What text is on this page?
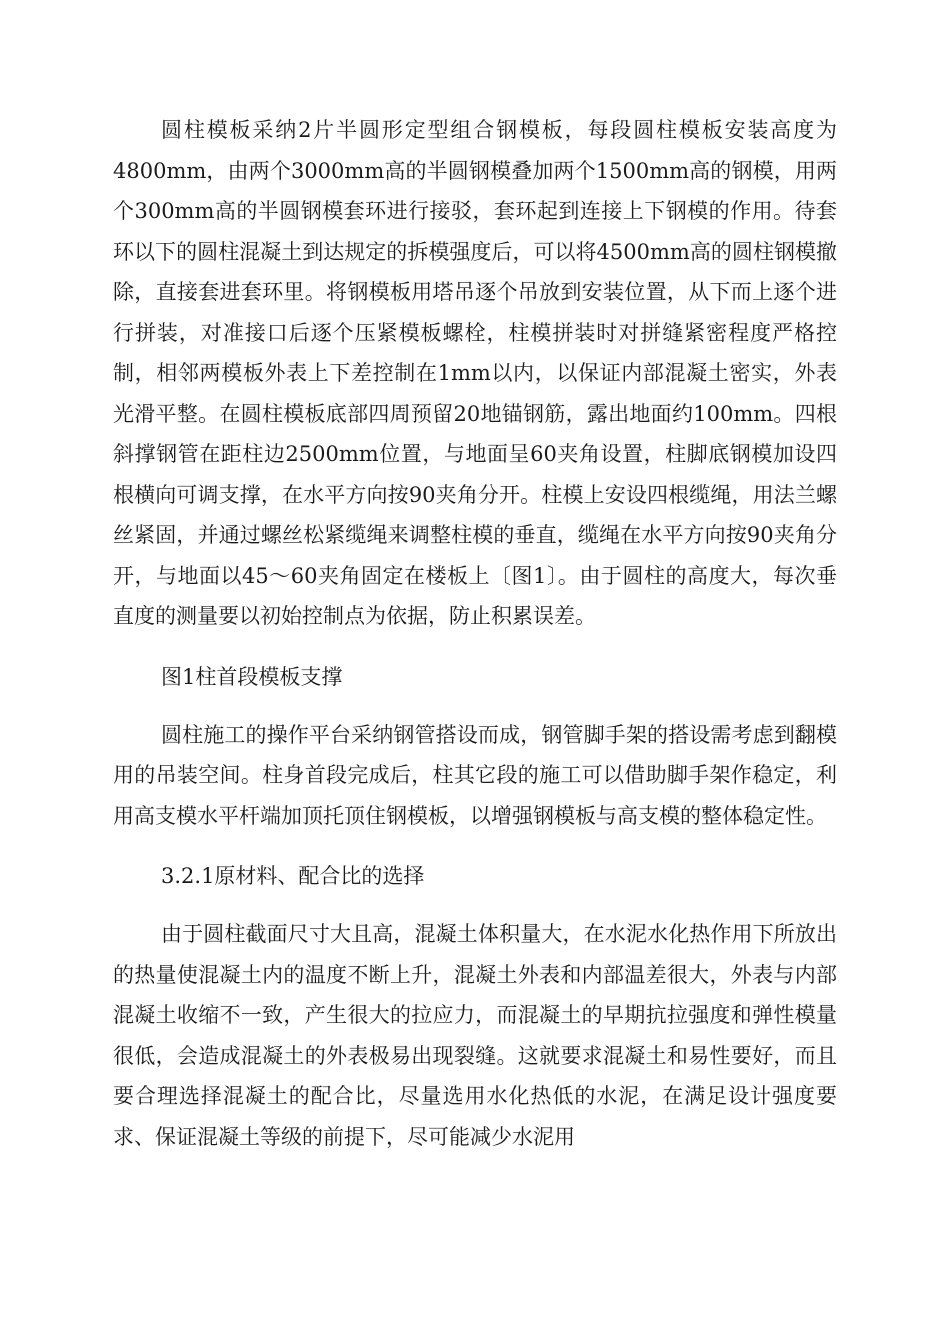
圆柱模板采纳2片半圆形定型组合钢模板，每段圆柱模板安装高度为4800mm，由两个3000mm高的半圆钢模叠加两个1500mm高的钢模，用两个300mm高的半圆钢模套环进行接驳，套环起到连接上下钢模的作用。待套环以下的圆柱混凝土到达规定的拆模强度后，可以将4500mm高的圆柱钢模撤除，直接套进套环里。将钢模板用塔吊逐个吊放到安装位置，从下而上逐个进行拼装，对准接口后逐个压紧模板螺栓，柱模拼装时对拼缝紧密程度严格控制，相邻两模板外表上下差控制在1mm以内，以保证内部混凝土密实，外表光滑平整。在圆柱模板底部四周预留20地锚钢筋，露出地面约100mm。四根斜撑钢管在距柱边2500mm位置，与地面呈60夹角设置，柱脚底钢模加设四根横向可调支撑，在水平方向按90夹角分开。柱模上安设四根缆绳，用法兰螺丝紧固，并通过螺丝松紧缆绳来调整柱模的垂直，缆绳在水平方向按90夹角分开，与地面以45～60夹角固定在楼板上〔图1〕。由于圆柱的高度大，每次垂直度的测量要以初始控制点为依据，防止积累误差。

图1柱首段模板支撑

圆柱施工的操作平台采纳钢管搭设而成，钢管脚手架的搭设需考虑到翻模用的吊装空间。柱身首段完成后，柱其它段的施工可以借助脚手架作稳定，利用高支模水平杆端加顶托顶住钢模板，以增强钢模板与高支模的整体稳定性。

3.2.1原材料、配合比的选择

由于圆柱截面尺寸大且高，混凝土体积量大，在水泥水化热作用下所放出的热量使混凝土内的温度不断上升，混凝土外表和内部温差很大，外表与内部混凝土收缩不一致，产生很大的拉应力，而混凝土的早期抗拉强度和弹性模量很低，会造成混凝土的外表极易出现裂缝。这就要求混凝土和易性要好，而且要合理选择混凝土的配合比，尽量选用水化热低的水泥，在满足设计强度要求、保证混凝土等级的前提下，尽可能减少水泥用
